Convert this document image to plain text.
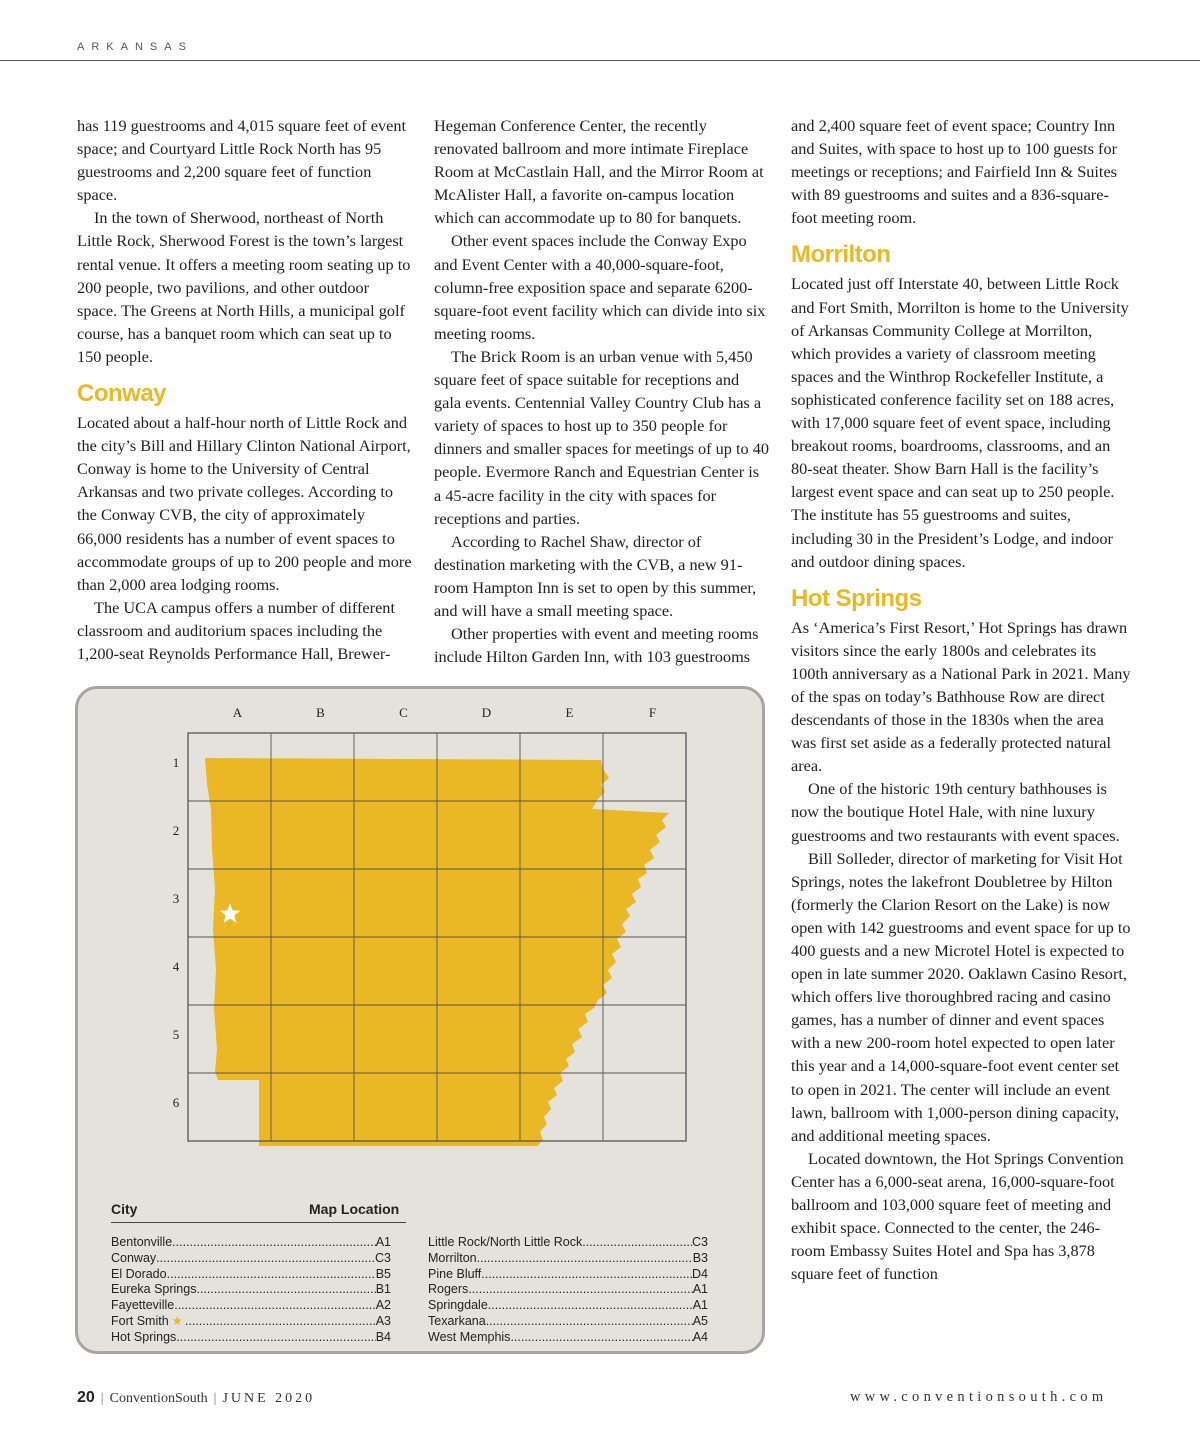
ARKANSAS

has 119 guestrooms and 4,015 square feet of event space; and Courtyard Little Rock North has 95 guestrooms and 2,200 square feet of function space.

In the town of Sherwood, northeast of North Little Rock, Sherwood Forest is the town’s largest rental venue. It offers a meeting room seating up to 200 people, two pavilions, and other outdoor space. The Greens at North Hills, a municipal golf course, has a banquet room which can seat up to 150 people.

Conway

Located about a half-hour north of Little Rock and the city’s Bill and Hillary Clinton National Airport, Conway is home to the University of Central Arkansas and two private colleges. According to the Conway CVB, the city of approximately 66,000 residents has a number of event spaces to accommodate groups of up to 200 people and more than 2,000 area lodging rooms.

The UCA campus offers a number of different classroom and auditorium spaces including the 1,200-seat Reynolds Performance Hall, Brewer-

Hegeman Conference Center, the recently renovated ballroom and more intimate Fireplace Room at McCastlain Hall, and the Mirror Room at McAlister Hall, a favorite on-campus location which can accommodate up to 80 for banquets.

Other event spaces include the Conway Expo and Event Center with a 40,000-square-foot, column-free exposition space and separate 6200-square-foot event facility which can divide into six meeting rooms.

The Brick Room is an urban venue with 5,450 square feet of space suitable for receptions and gala events. Centennial Valley Country Club has a variety of spaces to host up to 350 people for dinners and smaller spaces for meetings of up to 40 people. Evermore Ranch and Equestrian Center is a 45-acre facility in the city with spaces for receptions and parties.

According to Rachel Shaw, director of destination marketing with the CVB, a new 91-room Hampton Inn is set to open by this summer, and will have a small meeting space.

Other properties with event and meeting rooms include Hilton Garden Inn, with 103 guestrooms

and 2,400 square feet of event space; Country Inn and Suites, with space to host up to 100 guests for meetings or receptions; and Fairfield Inn & Suites with 89 guestrooms and suites and a 836-square-foot meeting room.

Morrilton

Located just off Interstate 40, between Little Rock and Fort Smith, Morrilton is home to the University of Arkansas Community College at Morrilton, which provides a variety of classroom meeting spaces and the Winthrop Rockefeller Institute, a sophisticated conference facility set on 188 acres, with 17,000 square feet of event space, including breakout rooms, boardrooms, classrooms, and an 80-seat theater. Show Barn Hall is the facility’s largest event space and can seat up to 250 people. The institute has 55 guestrooms and suites, including 30 in the President’s Lodge, and indoor and outdoor dining spaces.

Hot Springs

As ‘America’s First Resort,’ Hot Springs has drawn visitors since the early 1800s and celebrates its 100th anniversary as a National Park in 2021. Many of the spas on today’s Bathhouse Row are direct descendants of those in the 1830s when the area was first set aside as a federally protected natural area.

One of the historic 19th century bathhouses is now the boutique Hotel Hale, with nine luxury guestrooms and two restaurants with event spaces.

Bill Solleder, director of marketing for Visit Hot Springs, notes the lakefront Doubletree by Hilton (formerly the Clarion Resort on the Lake) is now open with 142 guestrooms and event space for up to 400 guests and a new Microtel Hotel is expected to open in late summer 2020. Oaklawn Casino Resort, which offers live thoroughbred racing and casino games, has a number of dinner and event spaces with a new 200-room hotel expected to open later this year and a 14,000-square-foot event center set to open in 2021. The center will include an event lawn, ballroom with 1,000-person dining capacity, and additional meeting spaces.

Located downtown, the Hot Springs Convention Center has a 6,000-seat arena, 16,000-square-foot ballroom and 103,000 square feet of meeting and exhibit space. Connected to the center, the 246-room Embassy Suites Hotel and Spa has 3,878 square feet of function

A	B	C	D	E	F
1
2
3
4
5
6
City	Map Location
Bentonville .....	A1
Conway .....	C3
El Dorado .....	B5
Eureka Springs .....	B1
Fayetteville .....	A2
Fort Smith ★ .....	A3
Hot Springs .....	B4
Little Rock/North Little Rock .....	C3
Morrilton .....	B3
Pine Bluff .....	D4
Rogers .....	A1
Springdale .....	A1
Texarkana .....	A5
West Memphis .....	A4
20 | ConventionSouth | JUNE 2020	www.conventionsouth.com
